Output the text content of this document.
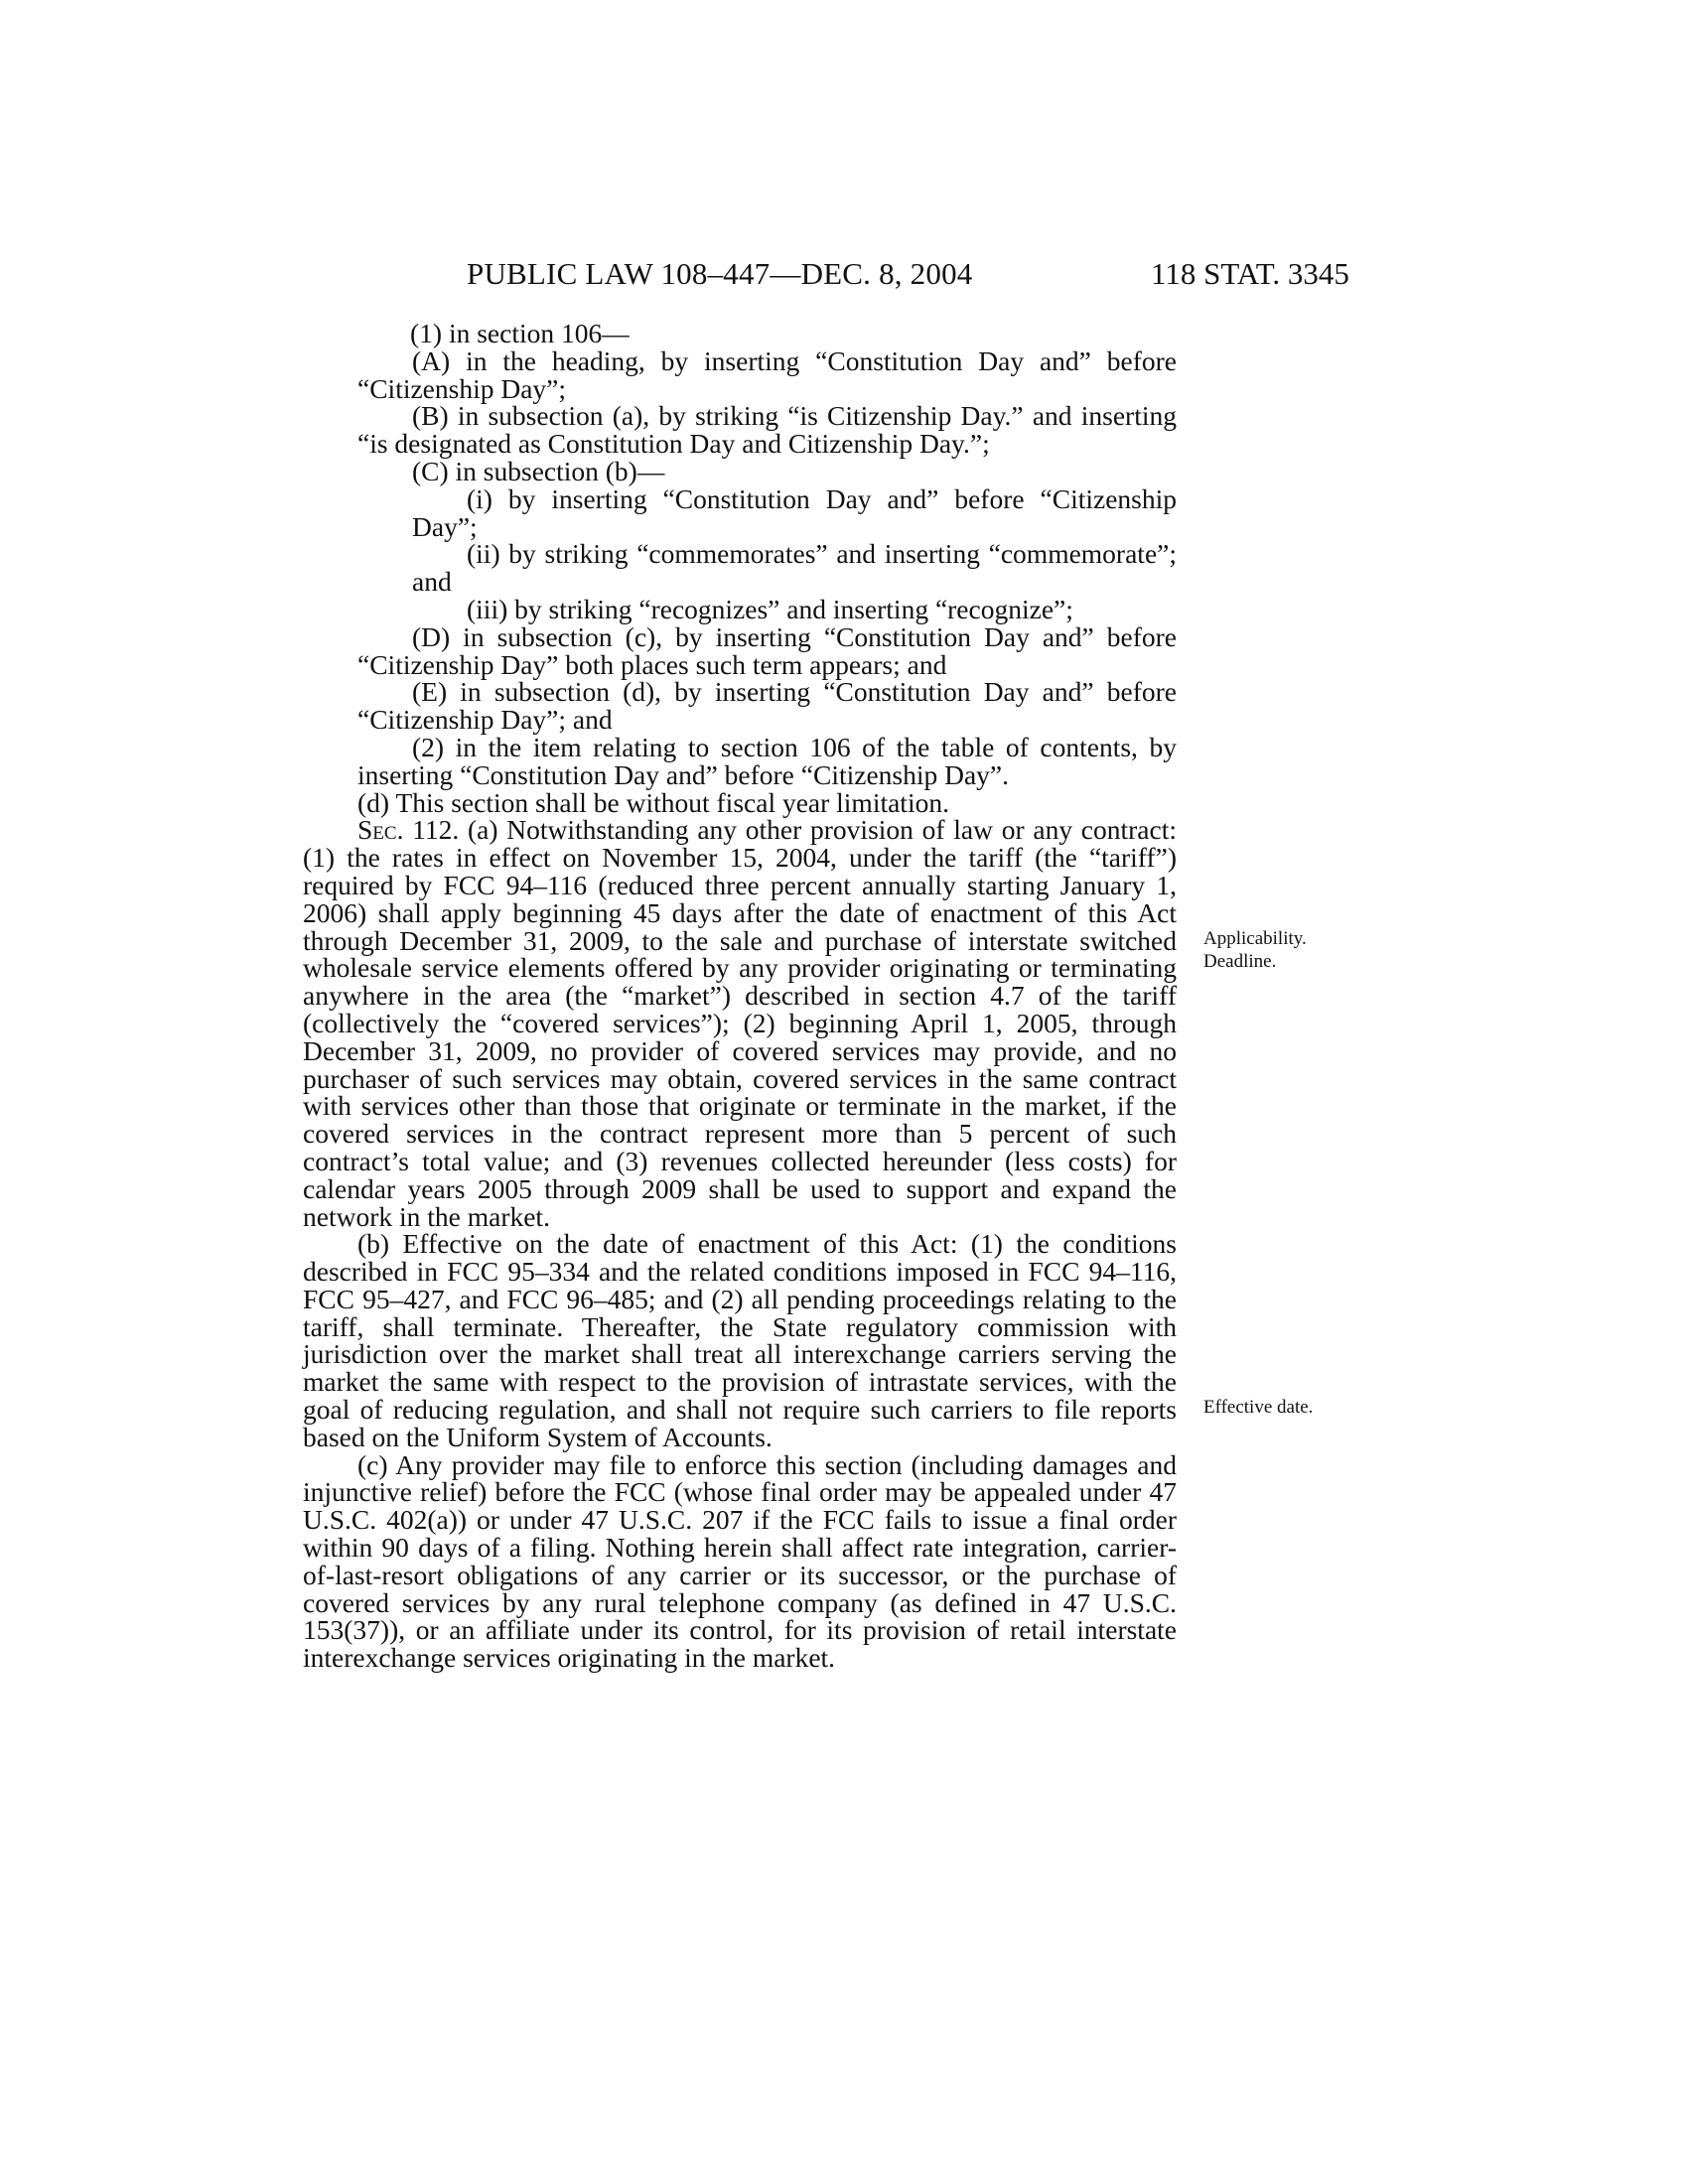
PUBLIC LAW 108–447—DEC. 8, 2004	118 STAT. 3345

(1) in section 106—

(A) in the heading, by inserting “Constitution Day and” before “Citizenship Day”;

(B) in subsection (a), by striking “is Citizenship Day.” and inserting “is designated as Constitution Day and Citizenship Day.”;

(C) in subsection (b)—

(i) by inserting “Constitution Day and” before “Citizenship Day”;

(ii) by striking “commemorates” and inserting “commemorate”; and

(iii) by striking “recognizes” and inserting “recognize”;

(D) in subsection (c), by inserting “Constitution Day and” before “Citizenship Day” both places such term appears; and

(E) in subsection (d), by inserting “Constitution Day and” before “Citizenship Day”; and

(2) in the item relating to section 106 of the table of contents, by inserting “Constitution Day and” before “Citizenship Day”.

(d) This section shall be without fiscal year limitation.

Sec. 112. (a) Notwithstanding any other provision of law or any contract: (1) the rates in effect on November 15, 2004, under the tariff (the “tariff”) required by FCC 94–116 (reduced three percent annually starting January 1, 2006) shall apply beginning 45 days after the date of enactment of this Act through December 31, 2009, to the sale and purchase of interstate switched wholesale service elements offered by any provider originating or terminating anywhere in the area (the “market”) described in section 4.7 of the tariff (collectively the “covered services”); (2) beginning April 1, 2005, through December 31, 2009, no provider of covered services may provide, and no purchaser of such services may obtain, covered services in the same contract with services other than those that originate or terminate in the market, if the covered services in the contract represent more than 5 percent of such contract’s total value; and (3) revenues collected hereunder (less costs) for calendar years 2005 through 2009 shall be used to support and expand the network in the market.

(b) Effective on the date of enactment of this Act: (1) the conditions described in FCC 95–334 and the related conditions imposed in FCC 94–116, FCC 95–427, and FCC 96–485; and (2) all pending proceedings relating to the tariff, shall terminate. Thereafter, the State regulatory commission with jurisdiction over the market shall treat all interexchange carriers serving the market the same with respect to the provision of intrastate services, with the goal of reducing regulation, and shall not require such carriers to file reports based on the Uniform System of Accounts.

(c) Any provider may file to enforce this section (including damages and injunctive relief) before the FCC (whose final order may be appealed under 47 U.S.C. 402(a)) or under 47 U.S.C. 207 if the FCC fails to issue a final order within 90 days of a filing. Nothing herein shall affect rate integration, carrier-of-last-resort obligations of any carrier or its successor, or the purchase of covered services by any rural telephone company (as defined in 47 U.S.C. 153(37)), or an affiliate under its control, for its provision of retail interstate interexchange services originating in the market.

Applicability.
Deadline.
Effective date.
